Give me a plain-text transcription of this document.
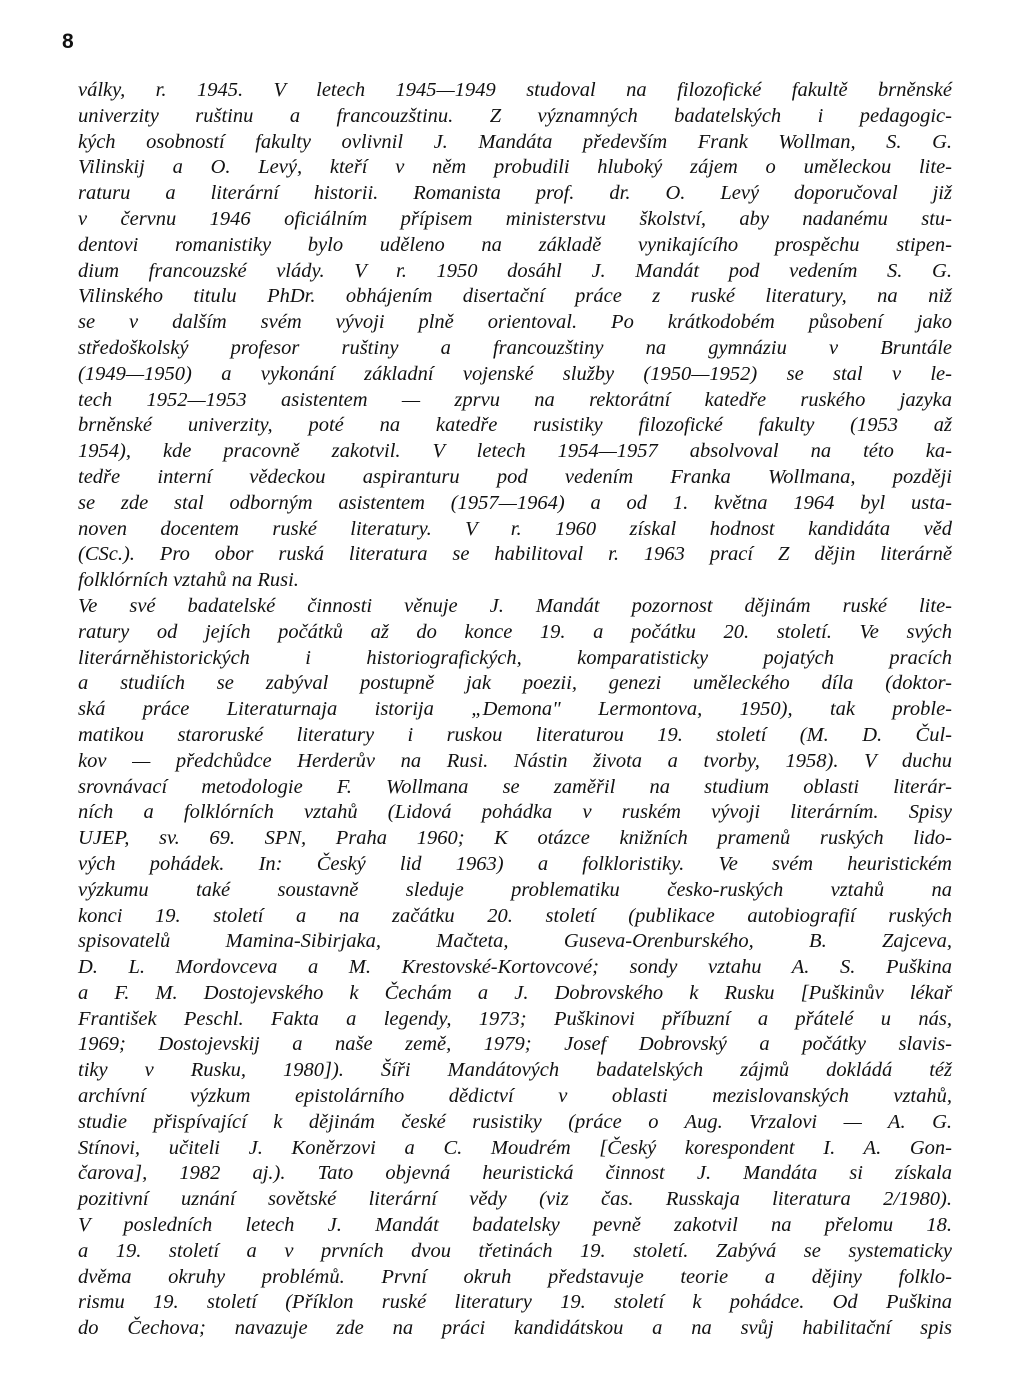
8
války, r. 1945. V letech 1945—1949 studoval na filozofické fakultě brněnské
univerzity ruštinu a francouzštinu. Z významných badatelských i pedagogic-
kých osobností fakulty ovlivnil J. Mandáta především Frank Wollman, S. G.
Vilinskij a O. Levý, kteří v něm probudili hluboký zájem o uměleckou lite-
raturu a literární historii. Romanista prof. dr. O. Levý doporučoval již
v červnu 1946 oficiálním přípisem ministerstvu školství, aby nadanému stu-
dentovi romanistiky bylo uděleno na základě vynikajícího prospěchu stipen-
dium francouzské vlády. V r. 1950 dosáhl J. Mandát pod vedením S. G.
Vilinského titulu PhDr. obhájením disertační práce z ruské literatury, na niž
se v dalším svém vývoji plně orientoval. Po krátkodobém působení jako
středoškolský profesor ruštiny a francouzštiny na gymnáziu v Bruntále
(1949—1950) a vykonání základní vojenské služby (1950—1952) se stal v le-
tech 1952—1953 asistentem — zprvu na rektorátní katedře ruského jazyka
brněnské univerzity, poté na katedře rusistiky filozofické fakulty (1953 až
1954), kde pracovně zakotvil. V letech 1954—1957 absolvoval na této ka-
tedře interní vědeckou aspiranturu pod vedením Franka Wollmana, později
se zde stal odborným asistentem (1957—1964) a od 1. května 1964 byl usta-
noven docentem ruské literatury. V r. 1960 získal hodnost kandidáta věd
(CSc.). Pro obor ruská literatura se habilitoval r. 1963 prací Z dějin literárně
folklórních vztahů na Rusi.
Ve své badatelské činnosti věnuje J. Mandát pozornost dějinám ruské lite-
ratury od jejích počátků až do konce 19. a počátku 20. století. Ve svých
literárněhistorických i historiografických, komparatisticky pojatých pracích
a studiích se zabýval postupně jak poezii, genezi uměleckého díla (doktor-
ská práce Literaturnaja istorija „Demona" Lermontova, 1950), tak proble-
matikou staroruské literatury i ruskou literaturou 19. století (M. D. Čul-
kov — předchůdce Herderův na Rusi. Nástin života a tvorby, 1958). V duchu
srovnávací metodologie F. Wollmana se zaměřil na studium oblasti literár-
ních a folklórních vztahů (Lidová pohádka v ruském vývoji literárním. Spisy
UJEP, sv. 69. SPN, Praha 1960; K otázce knižních pramenů ruských lido-
vých pohádek. In: Český lid 1963) a folkloristiky. Ve svém heuristickém
výzkumu také soustavně sleduje problematiku česko-ruských vztahů na
konci 19. století a na začátku 20. století (publikace autobiografií ruských
spisovatelů Mamina-Sibirjaka, Mačteta, Guseva-Orenburského, B. Zajceva,
D. L. Mordovceva a M. Krestovské-Kortovcové; sondy vztahu A. S. Puškina
a F. M. Dostojevského k Čechám a J. Dobrovského k Rusku [Puškinův lékař
František Peschl. Fakta a legendy, 1973; Puškinovi příbuzní a přátelé u nás,
1969; Dostojevskij a naše země, 1979; Josef Dobrovský a počátky slavis-
tiky v Rusku, 1980]). Šíři Mandátových badatelských zájmů dokládá též
archívní výzkum epistolárního dědictví v oblasti mezislovanských vztahů,
studie přispívající k dějinám české rusistiky (práce o Aug. Vrzalovi — A. G.
Stínovi, učiteli J. Koněrzovi a C. Moudrém [Český korespondent I. A. Gon-
čarova], 1982 aj.). Tato objevná heuristická činnost J. Mandáta si získala
pozitivní uznání sovětské literární vědy (viz čas. Russkaja literatura 2/1980).
V posledních letech J. Mandát badatelsky pevně zakotvil na přelomu 18.
a 19. století a v prvních dvou třetinách 19. století. Zabývá se systematicky
dvěma okruhy problémů. První okruh představuje teorie a dějiny folklo-
rismu 19. století (Příklon ruské literatury 19. století k pohádce. Od Puškina
do Čechova; navazuje zde na práci kandidátskou a na svůj habilitační spis
